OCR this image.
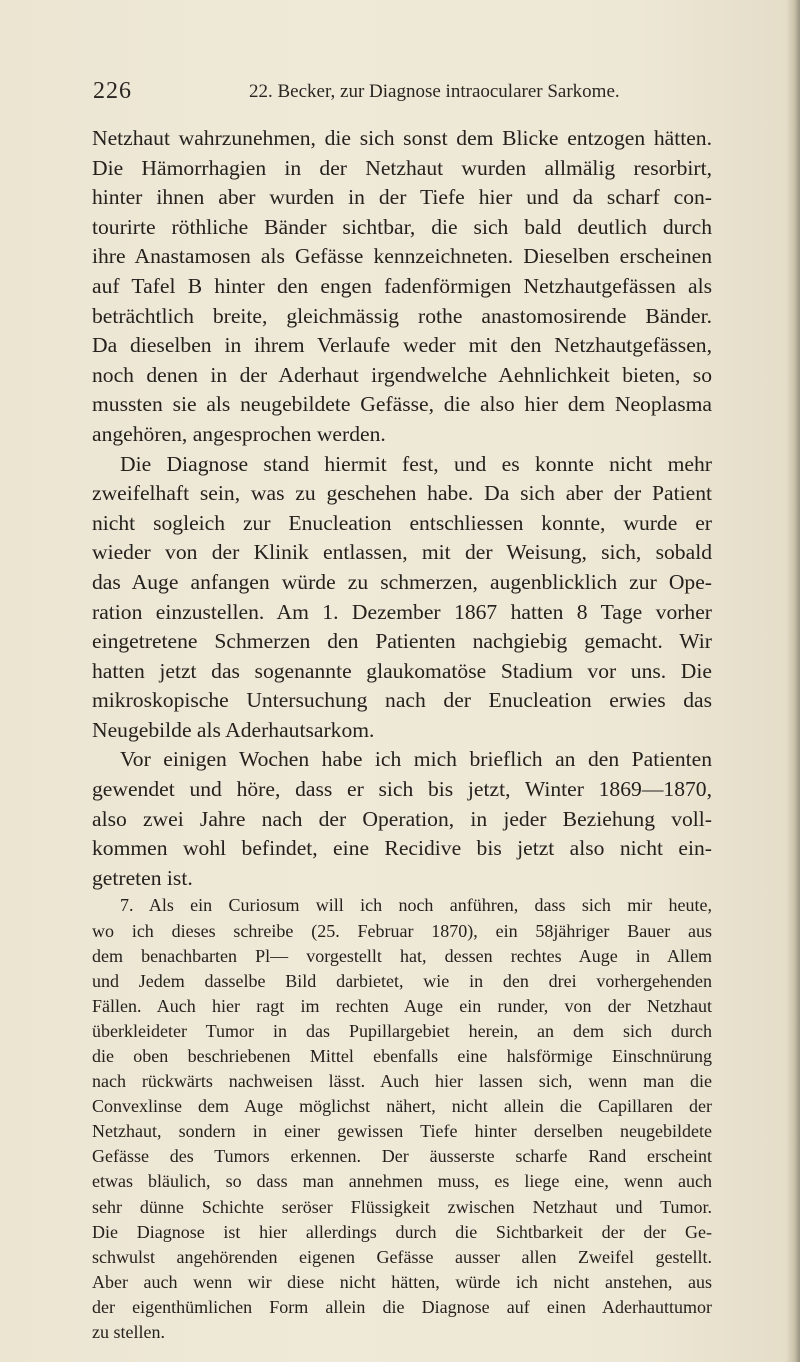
226	22. Becker, zur Diagnose intraocularer Sarkome.
Netzhaut wahrzunehmen, die sich sonst dem Blicke entzogen hätten.
Die Hämorrhagien in der Netzhaut wurden allmälig resorbirt,
hinter ihnen aber wurden in der Tiefe hier und da scharf con-
tourirte röthliche Bänder sichtbar, die sich bald deutlich durch
ihre Anastamosen als Gefässe kennzeichneten. Dieselben erscheinen
auf Tafel B hinter den engen fadenförmigen Netzhautgefässen als
beträchtlich breite, gleichmässig rothe anastomosirende Bänder.
Da dieselben in ihrem Verlaufe weder mit den Netzhautgefässen,
noch denen in der Aderhaut irgendwelche Aehnlichkeit bieten, so
mussten sie als neugebildete Gefässe, die also hier dem Neoplasma
angehören, angesprochen werden.
Die Diagnose stand hiermit fest, und es konnte nicht mehr
zweifelhaft sein, was zu geschehen habe. Da sich aber der Patient
nicht sogleich zur Enucleation entschliessen konnte, wurde er
wieder von der Klinik entlassen, mit der Weisung, sich, sobald
das Auge anfangen würde zu schmerzen, augenblicklich zur Ope-
ration einzustellen. Am 1. Dezember 1867 hatten 8 Tage vorher
eingetretene Schmerzen den Patienten nachgiebig gemacht. Wir
hatten jetzt das sogenannte glaukomatöse Stadium vor uns. Die
mikroskopische Untersuchung nach der Enucleation erwies das
Neugebilde als Aderhautsarkom.
Vor einigen Wochen habe ich mich brieflich an den Patienten
gewendet und höre, dass er sich bis jetzt, Winter 1869—1870,
also zwei Jahre nach der Operation, in jeder Beziehung voll-
kommen wohl befindet, eine Recidive bis jetzt also nicht ein-
getreten ist.
7. Als ein Curiosum will ich noch anführen, dass sich mir heute,
wo ich dieses schreibe (25. Februar 1870), ein 58jähriger Bauer aus
dem benachbarten Pl— vorgestellt hat, dessen rechtes Auge in Allem
und Jedem dasselbe Bild darbietet, wie in den drei vorhergehenden
Fällen. Auch hier ragt im rechten Auge ein runder, von der Netzhaut
überkleideter Tumor in das Pupillargebiet herein, an dem sich durch
die oben beschriebenen Mittel ebenfalls eine halsförmige Einschnürung
nach rückwärts nachweisen lässt. Auch hier lassen sich, wenn man die
Convexlinse dem Auge möglichst nähert, nicht allein die Capillaren der
Netzhaut, sondern in einer gewissen Tiefe hinter derselben neugebildete
Gefässe des Tumors erkennen. Der äusserste scharfe Rand erscheint
etwas bläulich, so dass man annehmen muss, es liege eine, wenn auch
sehr dünne Schichte seröser Flüssigkeit zwischen Netzhaut und Tumor.
Die Diagnose ist hier allerdings durch die Sichtbarkeit der der Ge-
schwulst angehörenden eigenen Gefässe ausser allen Zweifel gestellt.
Aber auch wenn wir diese nicht hätten, würde ich nicht anstehen, aus
der eigenthümlichen Form allein die Diagnose auf einen Aderhauttumor
zu stellen.
